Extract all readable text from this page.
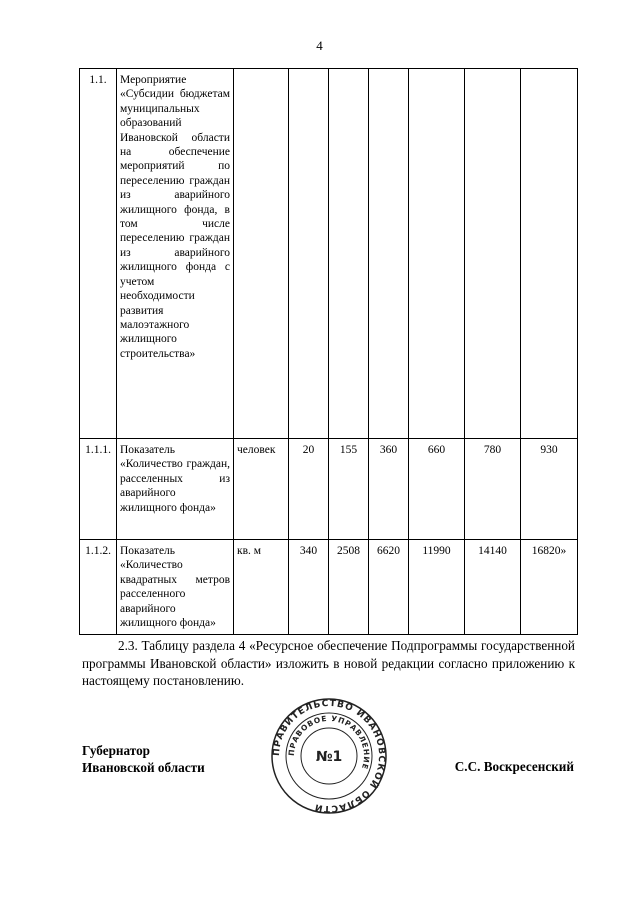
4
1.1.	Мероприятие «Субсидии бюджетам муниципальных образований Ивановской области на обеспечение мероприятий по переселению граждан из аварийного жилищного фонда, в том числе переселению граждан из аварийного жилищного фонда с учетом необходимости развития малоэтажного жилищного строительства»							
1.1.1.	Показатель «Количество граждан, расселенных из аварийного жилищного фонда»	человек	20	155	360	660	780	930
1.1.2.	Показатель «Количество квадратных метров расселенного аварийного жилищного фонда»	кв. м	340	2508	6620	11990	14140	16820»

2.3. Таблицу раздела 4 «Ресурсное обеспечение Подпрограммы государственной программы Ивановской области» изложить в новой редакции согласно приложению к настоящему постановлению.

Губернатор
Ивановской области
ПРАВИТЕЛЬСТВО ИВАНОВСКОЙ ОБЛАСТИ
ПРАВОВОЕ УПРАВЛЕНИЕ
№1
С.С. Воскресенский
